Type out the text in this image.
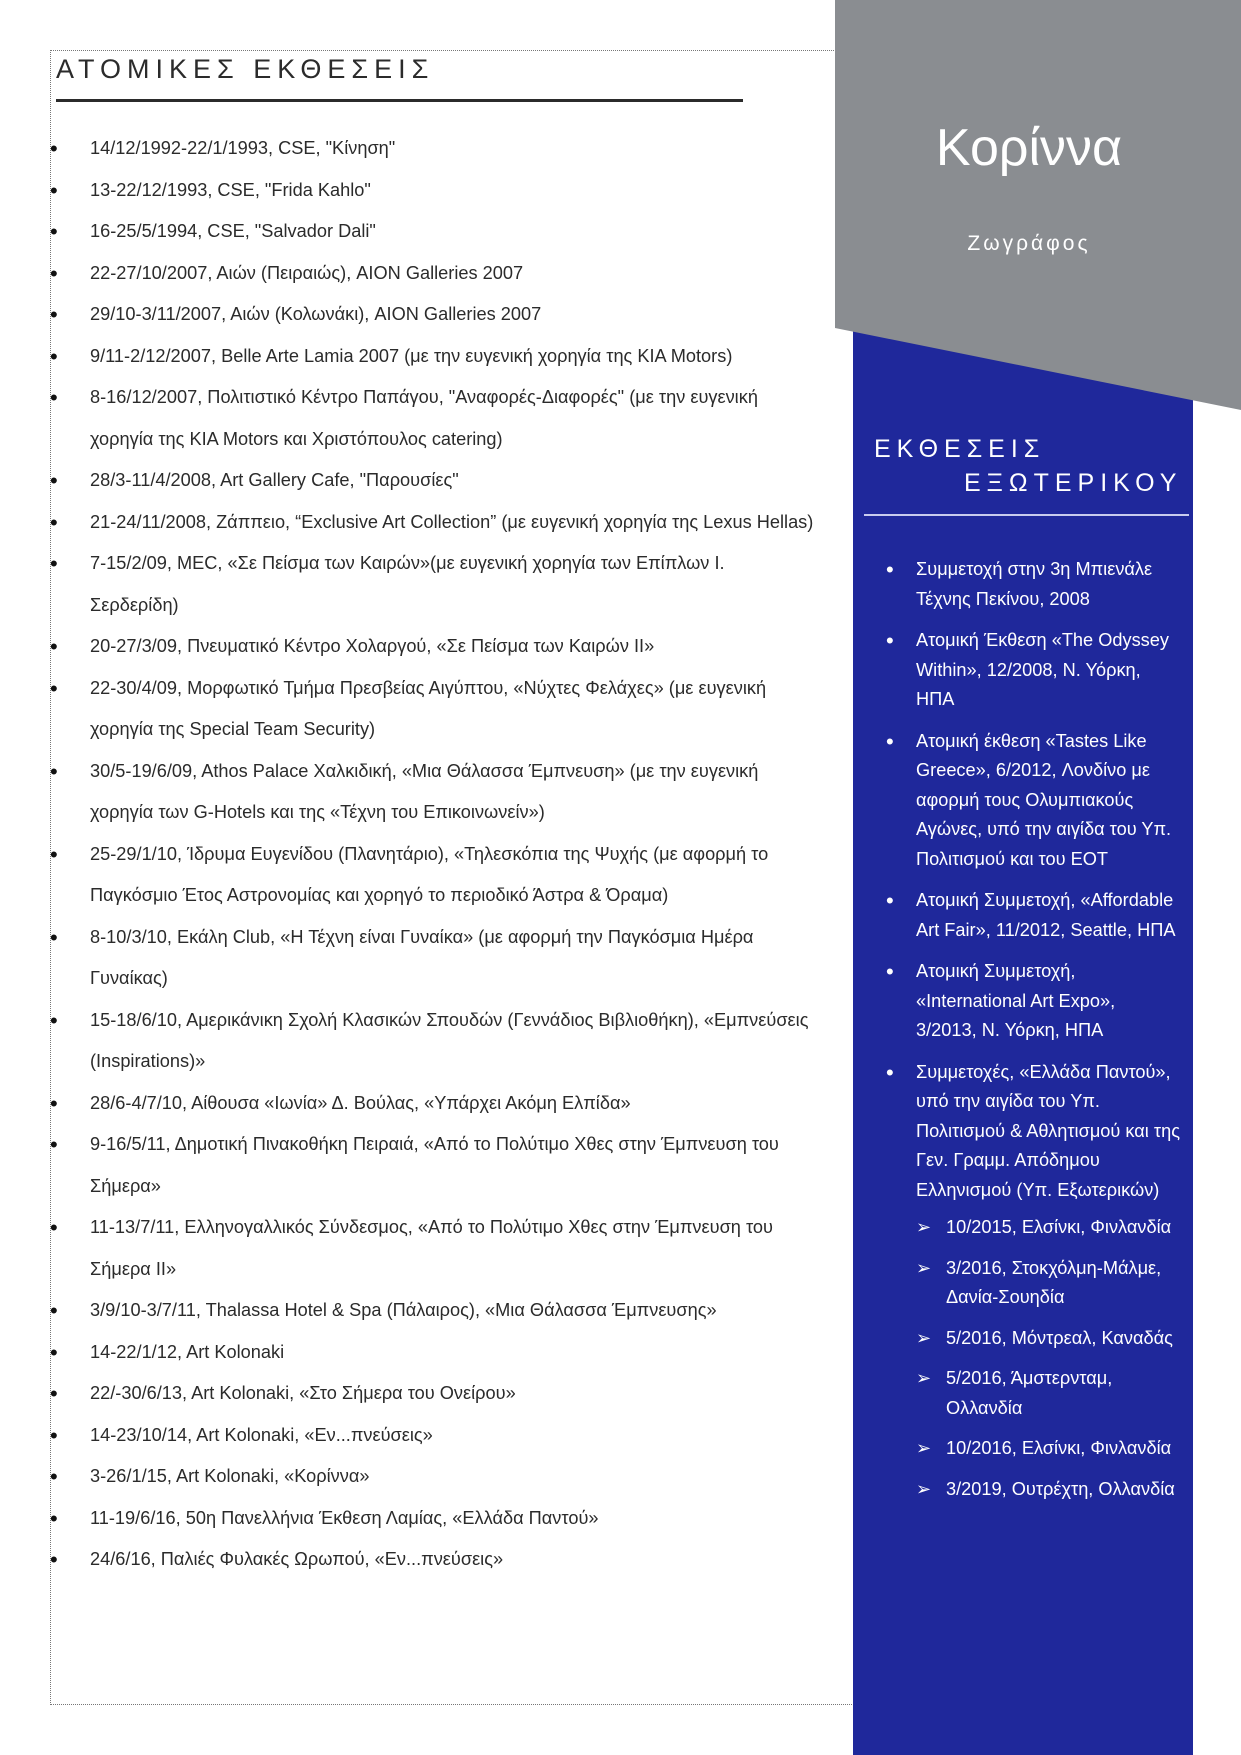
Κορίννα
Ζωγράφος
ΕΚΘΕΣΕΙΣ
ΕΞΩΤΕΡΙΚΟΥ
• Συμμετοχή στην 3η Μπιενάλε Τέχνης Πεκίνου, 2008
• Ατομική Έκθεση «The Odyssey Within», 12/2008, Ν. Υόρκη, ΗΠΑ
• Ατομική έκθεση «Tastes Like Greece», 6/2012, Λονδίνο με αφορμή τους Ολυμπιακούς Αγώνες, υπό την αιγίδα του Υπ. Πολιτισμού και του ΕΟΤ
• Ατομική Συμμετοχή, «Affordable Art Fair», 11/2012, Seattle, ΗΠΑ
• Ατομική Συμμετοχή, «International Art Expo», 3/2013, Ν. Υόρκη, ΗΠΑ
• Συμμετοχές, «Ελλάδα Παντού», υπό την αιγίδα του Υπ. Πολιτισμού & Αθλητισμού και της Γεν. Γραμμ. Απόδημου Ελληνισμού (Υπ. Εξωτερικών)
➢ 10/2015, Ελσίνκι, Φινλανδία
➢ 3/2016, Στοκχόλμη-Μάλμε, Δανία-Σουηδία
➢ 5/2016, Μόντρεαλ, Καναδάς
➢ 5/2016, Άμστερνταμ, Ολλανδία
➢ 10/2016, Ελσίνκι, Φινλανδία
➢ 3/2019, Ουτρέχτη, Ολλανδία
ΑΤΟΜΙΚΕΣ ΕΚΘΕΣΕΙΣ
• 14/12/1992-22/1/1993, CSE, "Κίνηση"
• 13-22/12/1993, CSE, "Frida Kahlo"
• 16-25/5/1994, CSE, "Salvador Dali"
• 22-27/10/2007, Αιών (Πειραιώς), AION Galleries 2007
• 29/10-3/11/2007, Αιών (Κολωνάκι), AION Galleries 2007
• 9/11-2/12/2007, Belle Arte Lamia 2007 (με την ευγενική χορηγία της KIA Motors)
• 8-16/12/2007, Πολιτιστικό Κέντρο Παπάγου, "Αναφορές-Διαφορές" (με την ευγενική χορηγία της KIA Motors και Χριστόπουλος catering)
• 28/3-11/4/2008, Art Gallery Cafe, "Παρουσίες"
• 21-24/11/2008, Ζάππειο, “Exclusive Art Collection” (με ευγενική χορηγία της Lexus Hellas)
• 7-15/2/09, MEC, «Σε Πείσμα των Καιρών»(με ευγενική χορηγία των Επίπλων Ι. Σερδερίδη)
• 20-27/3/09, Πνευματικό Κέντρο Χολαργού, «Σε Πείσμα των Καιρών ΙΙ»
• 22-30/4/09, Μορφωτικό Τμήμα Πρεσβείας Αιγύπτου, «Νύχτες Φελάχες» (με ευγενική χορηγία της Special Team Security)
• 30/5-19/6/09, Athos Palace Χαλκιδική, «Μια Θάλασσα Έμπνευση» (με την ευγενική χορηγία των G-Hotels και της «Τέχνη του Επικοινωνείν»)
• 25-29/1/10, Ίδρυμα Ευγενίδου (Πλανητάριο), «Τηλεσκόπια της Ψυχής (με αφορμή το Παγκόσμιο Έτος Αστρονομίας και χορηγό το περιοδικό Άστρα & Όραμα)
• 8-10/3/10, Εκάλη Club, «Η Τέχνη είναι Γυναίκα» (με αφορμή την Παγκόσμια Ημέρα Γυναίκας)
• 15-18/6/10, Αμερικάνικη Σχολή Κλασικών Σπουδών (Γεννάδιος Βιβλιοθήκη), «Εμπνεύσεις (Inspirations)»
• 28/6-4/7/10, Αίθουσα «Ιωνία» Δ. Βούλας, «Υπάρχει Ακόμη Ελπίδα»
• 9-16/5/11, Δημοτική Πινακοθήκη Πειραιά, «Από το Πολύτιμο Χθες στην Έμπνευση του Σήμερα»
• 11-13/7/11, Ελληνογαλλικός Σύνδεσμος, «Από το Πολύτιμο Χθες στην Έμπνευση του Σήμερα ΙΙ»
• 3/9/10-3/7/11, Thalassa Hotel & Spa (Πάλαιρος), «Μια Θάλασσα Έμπνευσης»
• 14-22/1/12, Art Kolonaki
• 22/-30/6/13, Art Kolonaki, «Στο Σήμερα του Ονείρου»
• 14-23/10/14, Art Kolonaki, «Εν...πνεύσεις»
• 3-26/1/15, Art Kolonaki, «Κορίννα»
• 11-19/6/16, 50η Πανελλήνια Έκθεση Λαμίας, «Ελλάδα Παντού»
• 24/6/16, Παλιές Φυλακές Ωρωπού, «Εν...πνεύσεις»
